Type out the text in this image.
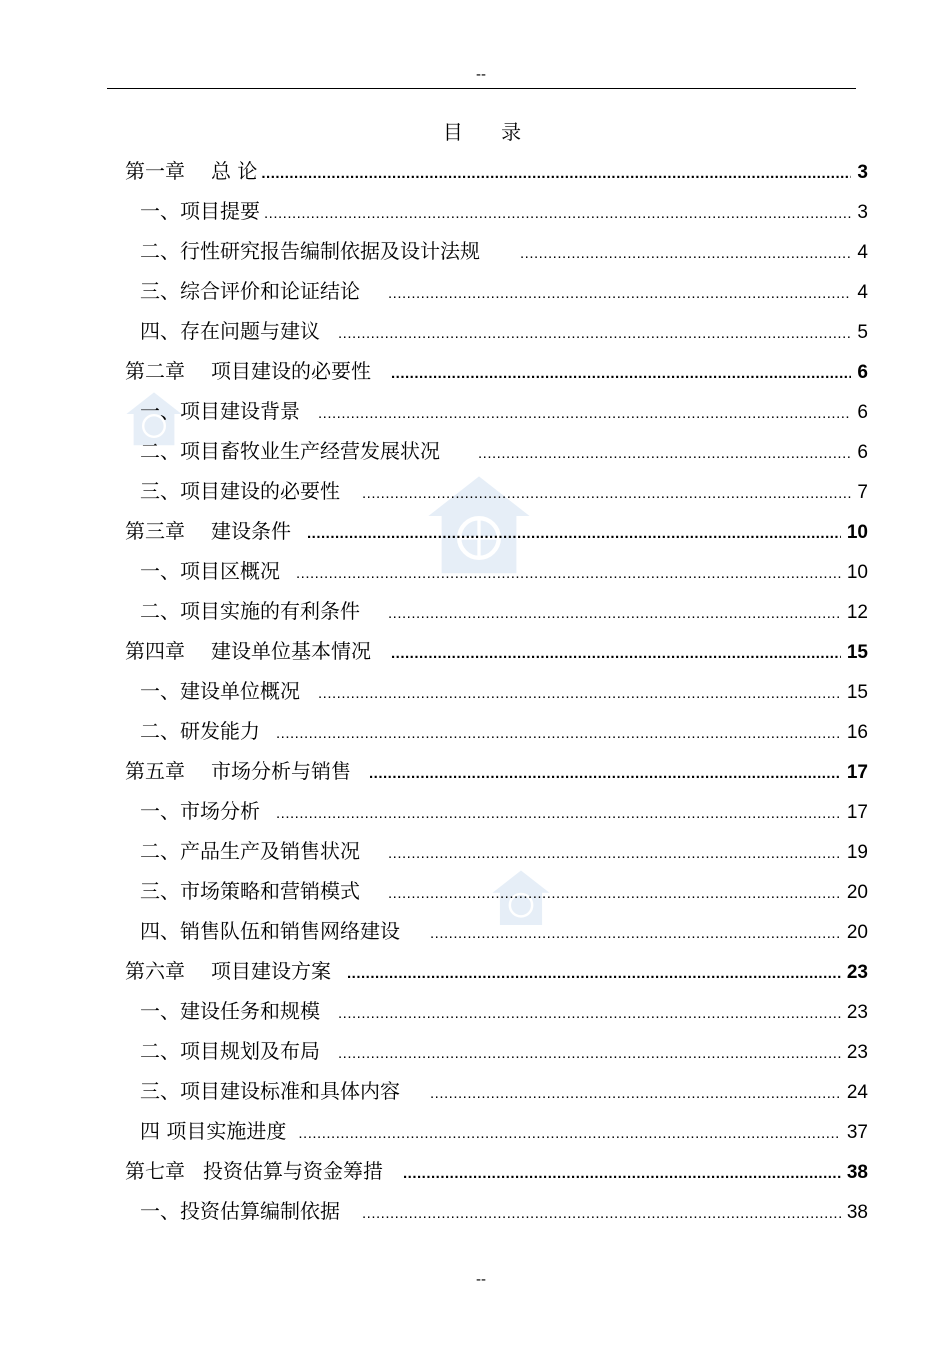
--
目 录
第一章 总 论 .....	3
一、项目提要 .....	3
二、行性研究报告编制依据及设计法规 .....	4
三、综合评价和论证结论 .....	4
四、存在问题与建议 .....	5
第二章 项目建设的必要性 .....	6
一、项目建设背景 .....	6
二、项目畜牧业生产经营发展状况 .....	6
三、项目建设的必要性 .....	7
第三章 建设条件 .....	10
一、项目区概况 .....	10
二、项目实施的有利条件 .....	12
第四章 建设单位基本情况 .....	15
一、建设单位概况 .....	15
二、研发能力 .....	16
第五章 市场分析与销售 .....	17
一、市场分析 .....	17
二、产品生产及销售状况 .....	19
三、市场策略和营销模式 .....	20
四、销售队伍和销售网络建设 .....	20
第六章 项目建设方案 .....	23
一、建设任务和规模 .....	23
二、项目规划及布局 .....	23
三、项目建设标准和具体内容 .....	24
四 项目实施进度 .....	37
第七章 投资估算与资金筹措 .....	38
一、投资估算编制依据 .....	38
--
